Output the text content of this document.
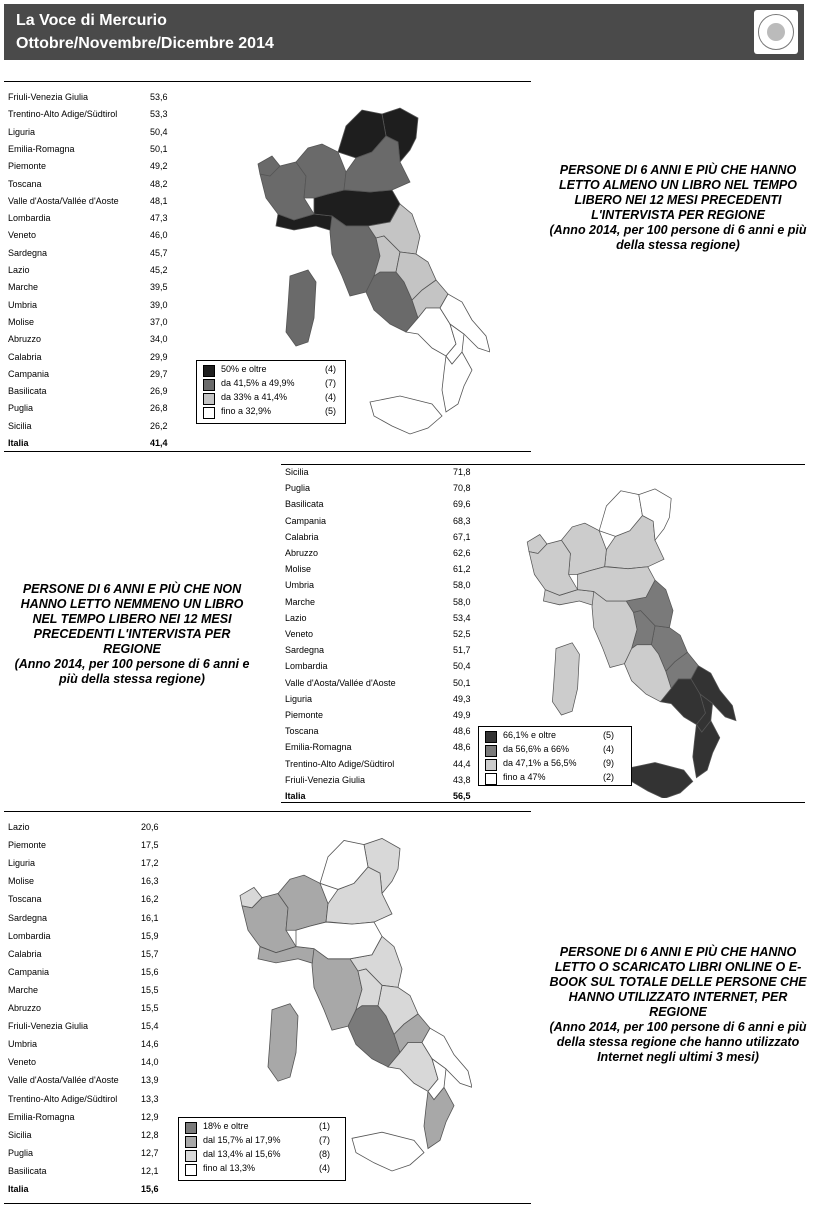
La Voce di Mercurio
Ottobre/Novembre/Dicembre 2014
Friuli-Venezia Giulia	53,6
Trentino-Alto Adige/Südtirol	53,3
Liguria	50,4
Emilia-Romagna	50,1
Piemonte	49,2
Toscana	48,2
Valle d'Aosta/Vallée d'Aoste	48,1
Lombardia	47,3
Veneto	46,0
Sardegna	45,7
Lazio	45,2
Marche	39,5
Umbria	39,0
Molise	37,0
Abruzzo	34,0
Calabria	29,9
Campania	29,7
Basilicata	26,9
Puglia	26,8
Sicilia	26,2
Italia	41,4
50% e oltre	(4)
da 41,5% a 49,9%	(7)
da 33% a 41,4%	(4)
fino a 32,9%	(5)
PERSONE DI 6 ANNI E PIÙ CHE HANNO LETTO ALMENO UN LIBRO NEL TEMPO LIBERO NEI 12 MESI PRECEDENTI L'INTERVISTA PER REGIONE
(Anno 2014, per 100 persone di 6 anni e più della stessa regione)
Sicilia	71,8
Puglia	70,8
Basilicata	69,6
Campania	68,3
Calabria	67,1
Abruzzo	62,6
Molise	61,2
Umbria	58,0
Marche	58,0
Lazio	53,4
Veneto	52,5
Sardegna	51,7
Lombardia	50,4
Valle d'Aosta/Vallée d'Aoste	50,1
Liguria	49,3
Piemonte	49,9
Toscana	48,6
Emilia-Romagna	48,6
Trentino-Alto Adige/Südtirol	44,4
Friuli-Venezia Giulia	43,8
Italia	56,5
66,1% e oltre	(5)
da 56,6% a 66%	(4)
da 47,1% a 56,5%	(9)
fino a 47%	(2)
PERSONE DI 6 ANNI E PIÙ CHE NON HANNO LETTO NEMMENO UN LIBRO NEL TEMPO LIBERO NEI 12 MESI PRECEDENTI L'INTERVISTA PER REGIONE
(Anno 2014, per 100 persone di 6 anni e più della stessa regione)
Lazio	20,6
Piemonte	17,5
Liguria	17,2
Molise	16,3
Toscana	16,2
Sardegna	16,1
Lombardia	15,9
Calabria	15,7
Campania	15,6
Marche	15,5
Abruzzo	15,5
Friuli-Venezia Giulia	15,4
Umbria	14,6
Veneto	14,0
Valle d'Aosta/Vallée d'Aoste 13,9
Trentino-Alto Adige/Südtirol	13,3
Emilia-Romagna	12,9
Sicilia	12,8
Puglia	12,7
Basilicata	12,1
Italia	15,6
18% e oltre	(1)
dal 15,7% al 17,9%	(7)
dal 13,4% al 15,6%	(8)
fino al 13,3%	(4)
PERSONE DI 6 ANNI E PIÙ CHE HANNO LETTO O SCARICATO LIBRI ONLINE O E-BOOK SUL TOTALE DELLE PERSONE CHE HANNO UTILIZZATO INTERNET, PER REGIONE
(Anno 2014, per 100 persone di 6 anni e più della stessa regione che hanno utilizzato Internet negli ultimi 3 mesi)
